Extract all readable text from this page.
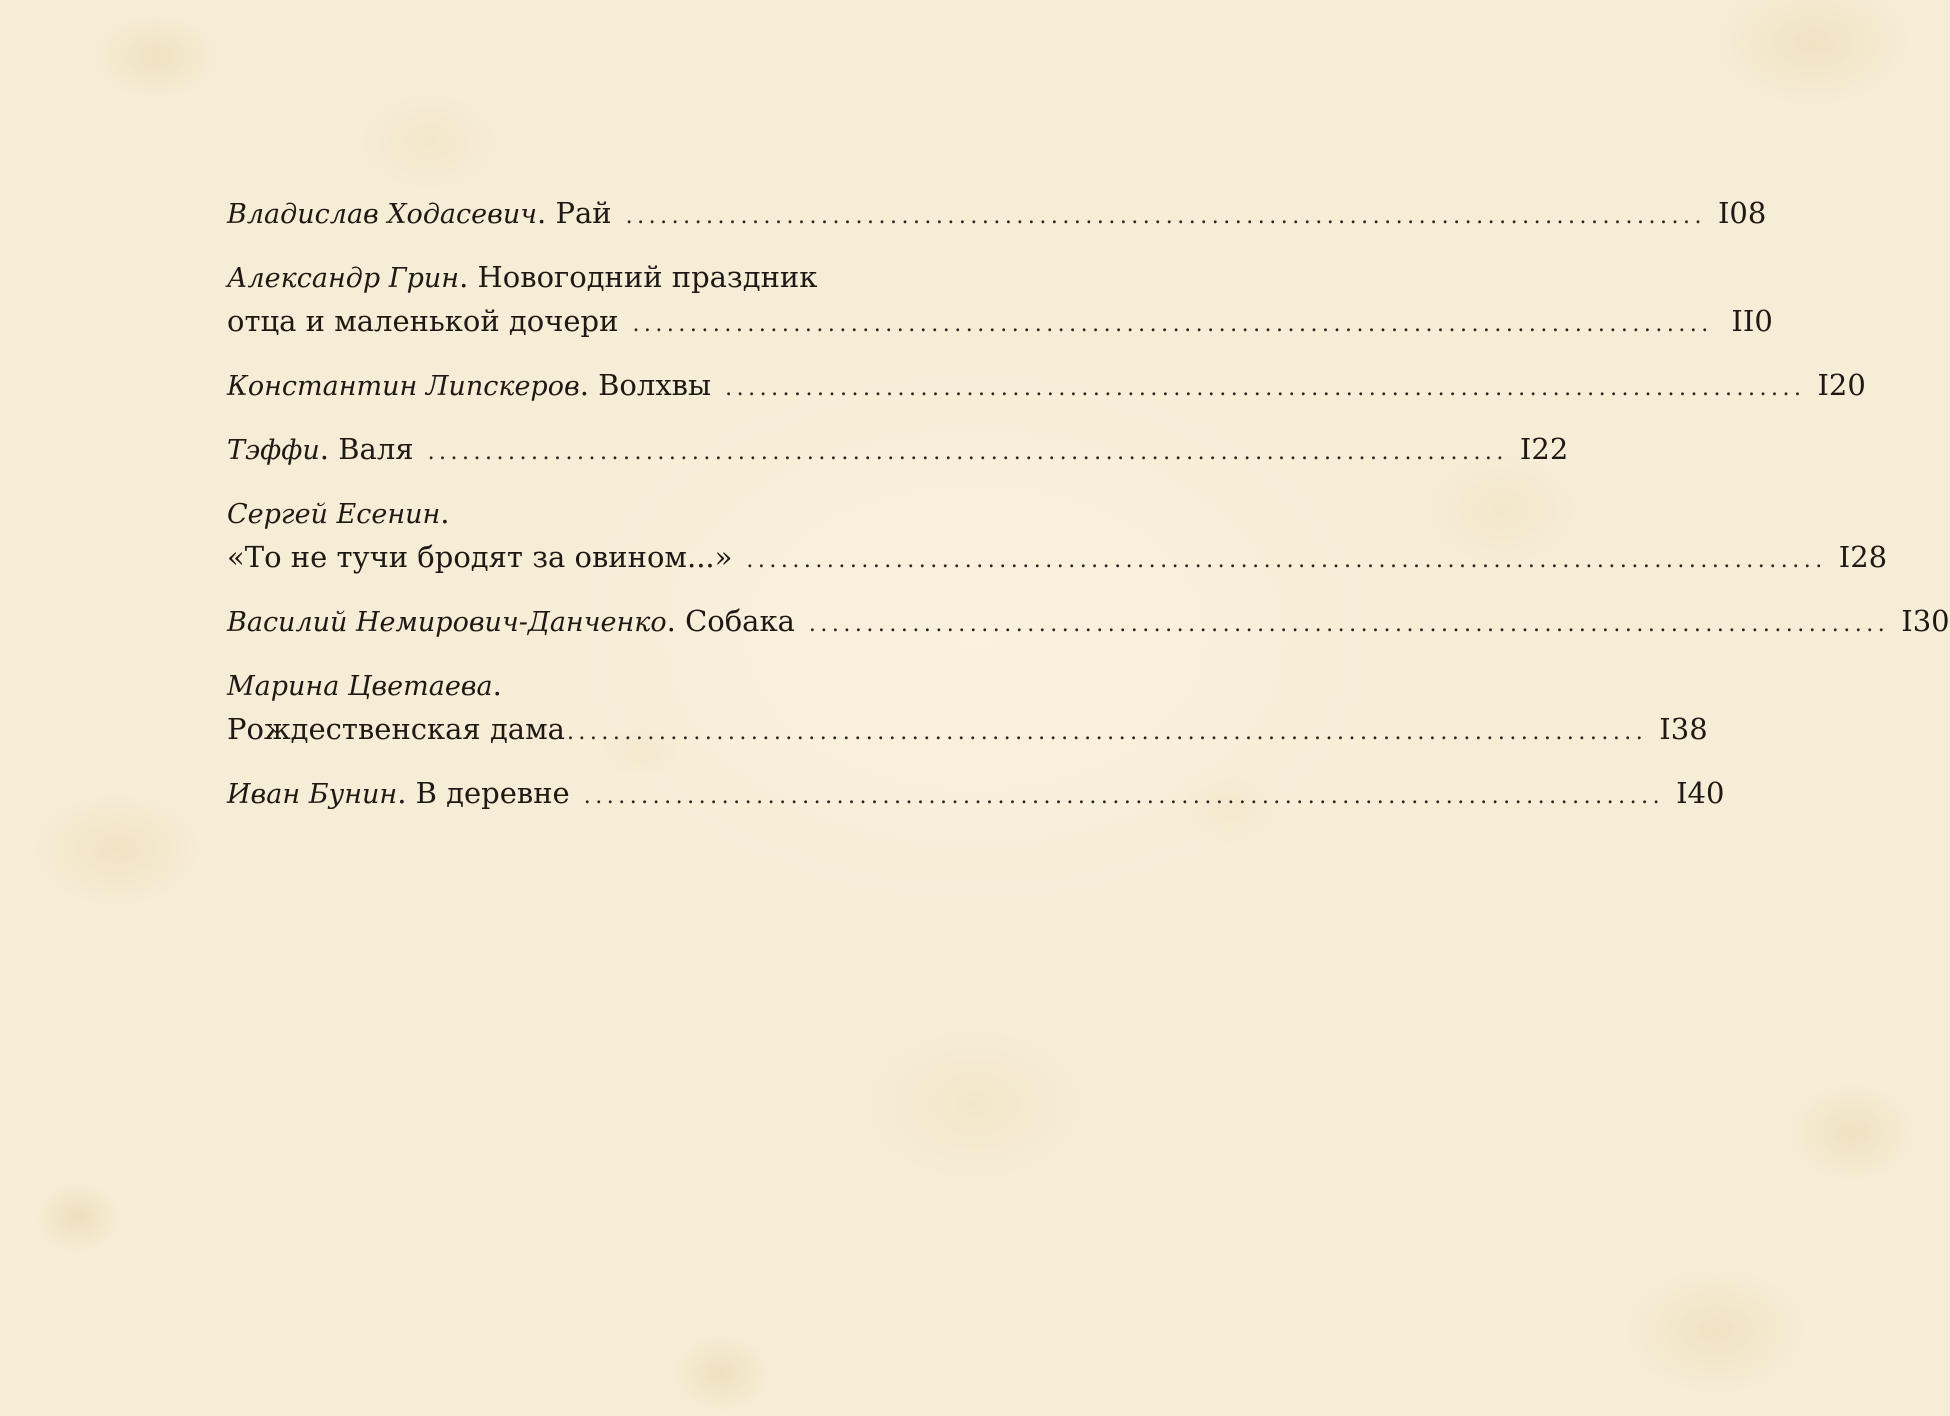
Владислав Ходасевич. Рай .............................................................................................. I08
Александр Грин. Новогодний праздник
отца и маленькой дочери .............................................................................................. II0
Константин Липскеров. Волхвы .............................................................................................. I20
Тэффи. Валя .............................................................................................. I22
Сергей Есенин.
«То не тучи бродят за овином...» .............................................................................................. I28
Василий Немирович-Данченко. Собака .............................................................................................. I30
Марина Цветаева.
Рождественская дама .............................................................................................. I38
Иван Бунин. В деревне .............................................................................................. I40
